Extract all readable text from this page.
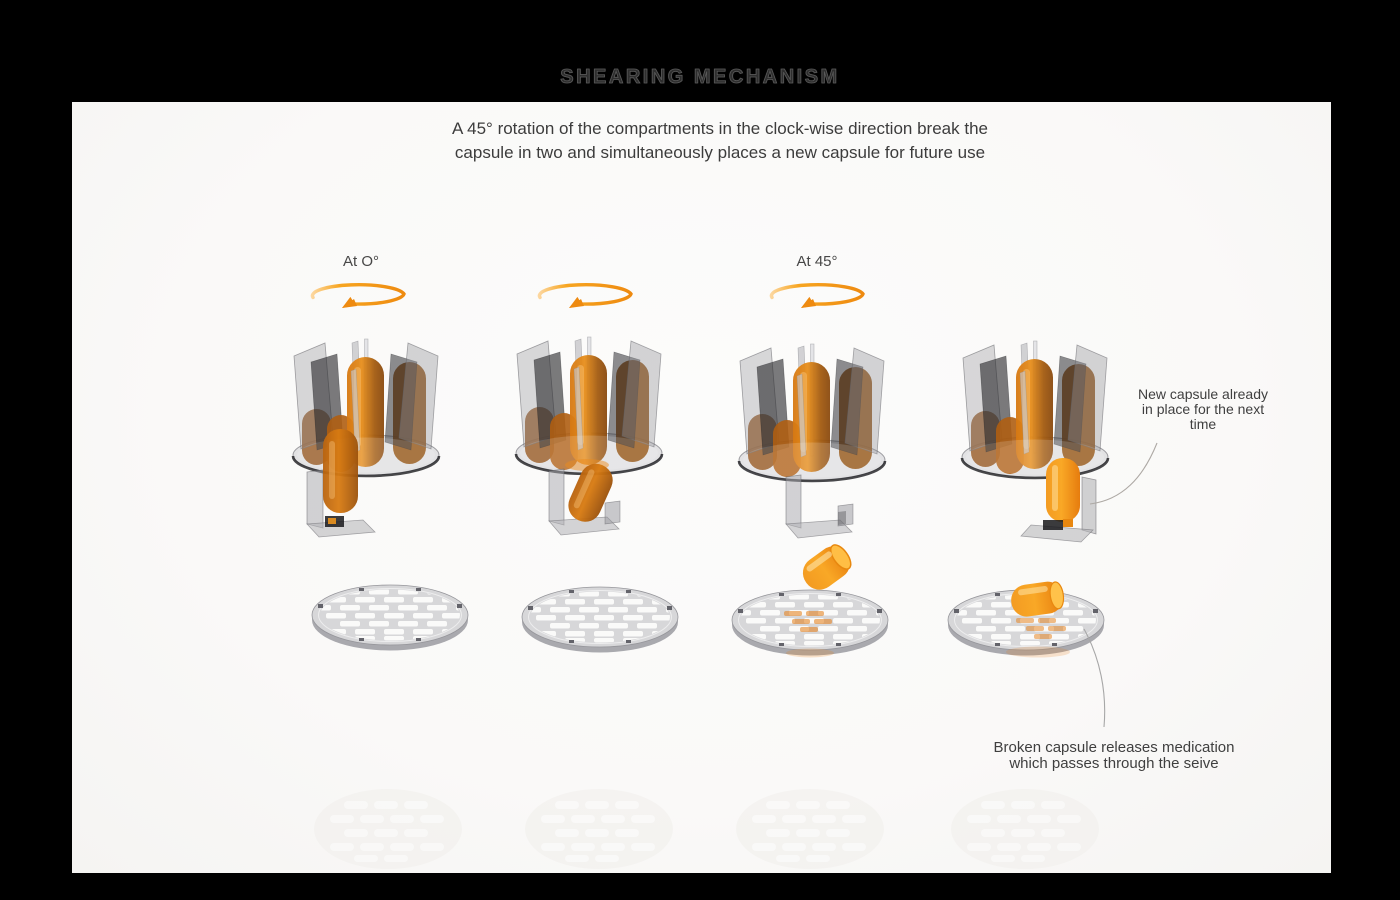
SHEARING MECHANISM
A 45° rotation of the compartments in the clock-wise direction break the
capsule in two and simultaneously places a new capsule for future use
At O°	At 45°
New capsule already
in place for the next
time
Broken capsule releases medication
which passes through the seive
